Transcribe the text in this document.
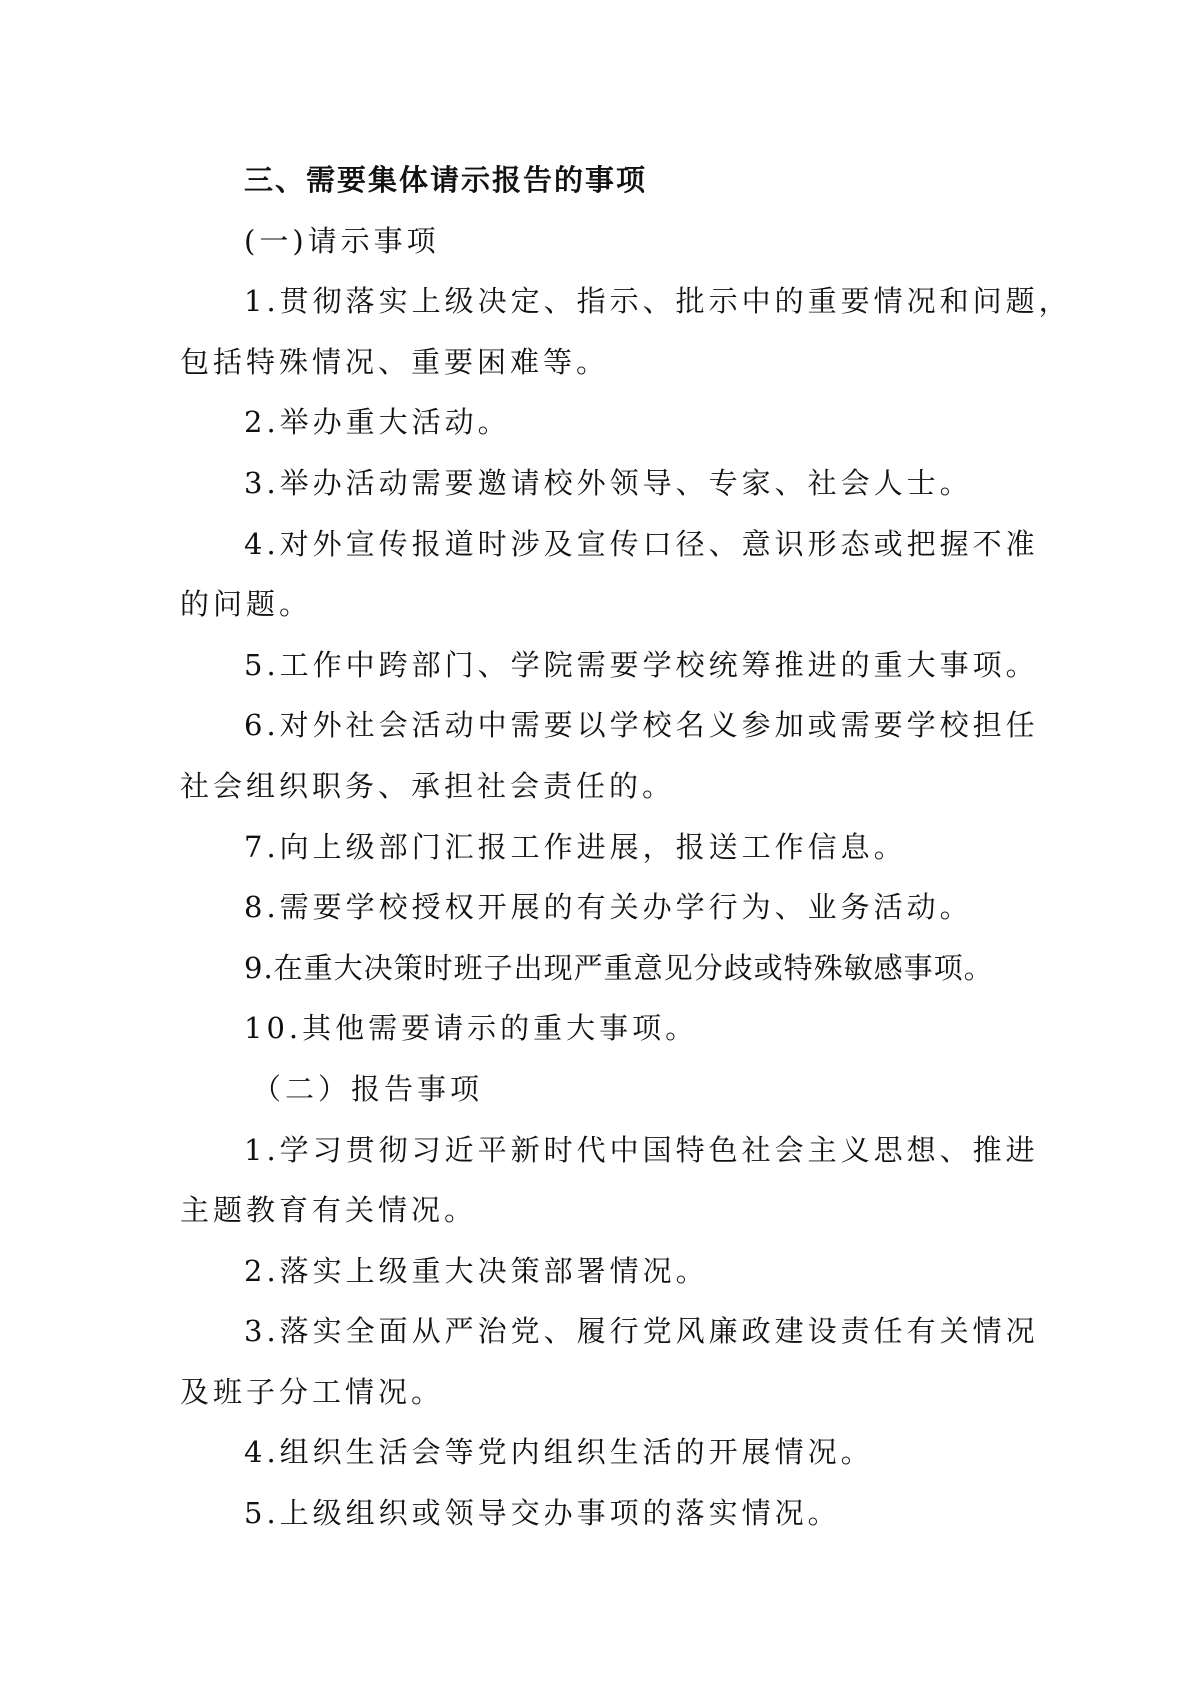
三、需要集体请示报告的事项
(一)请示事项
1.贯彻落实上级决定、指示、批示中的重要情况和问题，
包括特殊情况、重要困难等。
2.举办重大活动。
3.举办活动需要邀请校外领导、专家、社会人士。
4.对外宣传报道时涉及宣传口径、意识形态或把握不准
的问题。
5.工作中跨部门、学院需要学校统筹推进的重大事项。
6.对外社会活动中需要以学校名义参加或需要学校担任
社会组织职务、承担社会责任的。
7.向上级部门汇报工作进展，报送工作信息。
8.需要学校授权开展的有关办学行为、业务活动。
9.在重大决策时班子出现严重意见分歧或特殊敏感事项。
10.其他需要请示的重大事项。
（二）报告事项
1.学习贯彻习近平新时代中国特色社会主义思想、推进
主题教育有关情况。
2.落实上级重大决策部署情况。
3.落实全面从严治党、履行党风廉政建设责任有关情况
及班子分工情况。
4.组织生活会等党内组织生活的开展情况。
5.上级组织或领导交办事项的落实情况。
